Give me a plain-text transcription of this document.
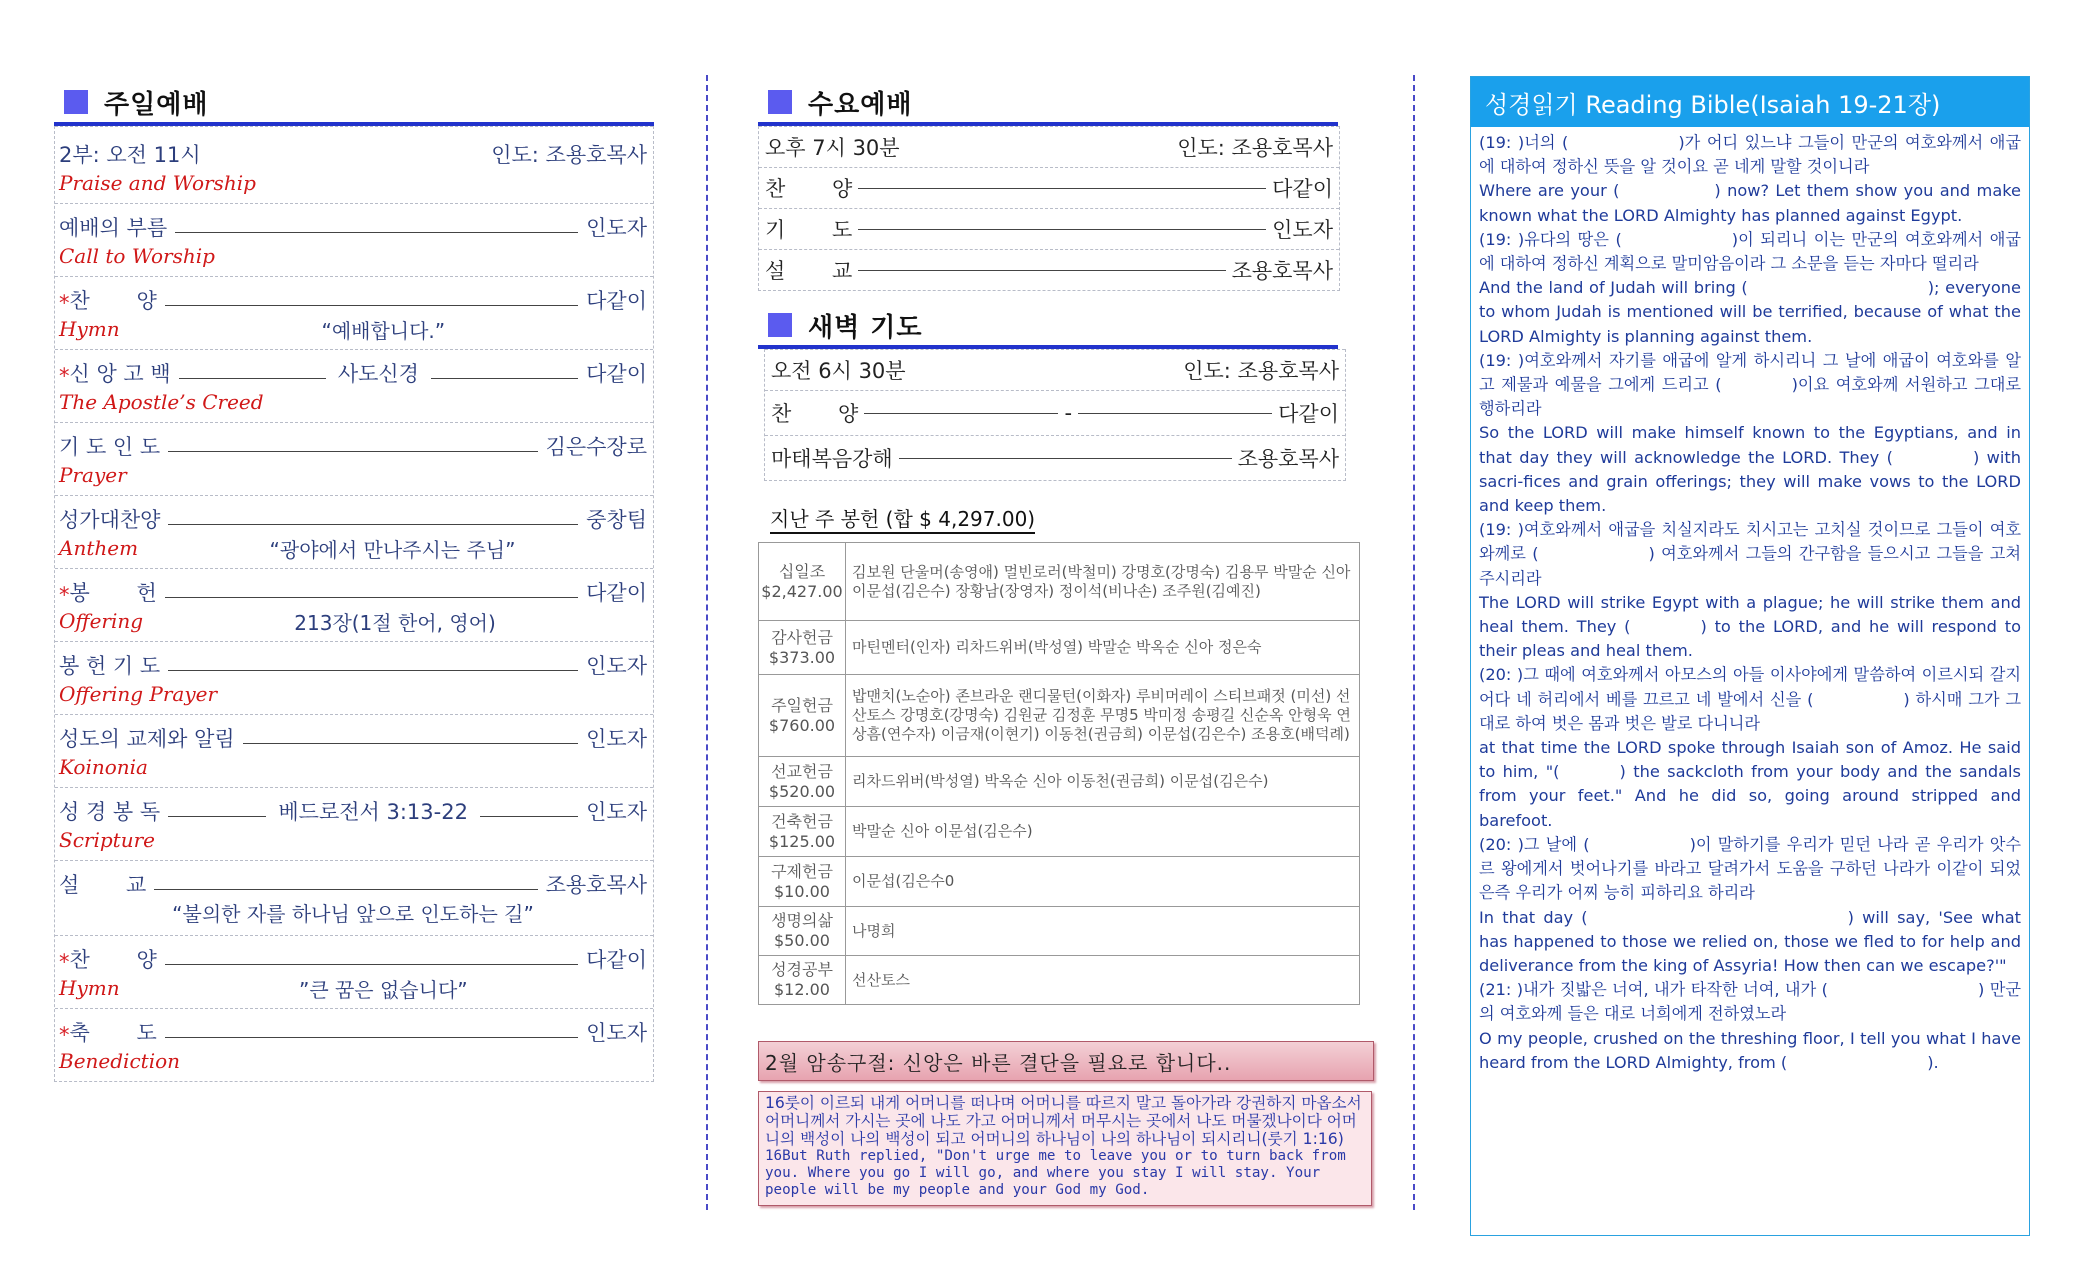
주일예배
2부: 오전 11시	인도: 조용호목사
Praise and Worship
예배의 부름	인도자
Call to Worship
* 찬       양	다같이
Hymn	“예배합니다.”
* 신 앙 고 백	사도신경	다같이
The Apostle’s Creed
기 도 인 도	김은수장로
Prayer
성가대찬양	중창팀
Anthem	“광야에서 만나주시는 주님”
* 봉       헌	다같이
Offering	213장(1절 한어, 영어)
봉 헌 기 도	인도자
Offering Prayer
성도의 교제와 알림	인도자
Koinonia
성 경 봉 독	베드로전서 3:13-22	인도자
Scripture
설       교	조용호목사
“불의한 자를 하나님 앞으로 인도하는 길”
* 찬       양	다같이
Hymn	”큰 꿈은 없습니다”
* 축       도	인도자
Benediction
수요예배
오후 7시 30분	인도: 조용호목사
찬       양	다같이
기       도	인도자
설       교	조용호목사
새벽 기도
오전 6시 30분	인도: 조용호목사
찬       양	-	다같이
마태복음강해	조용호목사
지난 주 봉헌 (합 $ 4,297.00)
십일조
$2,427.00	김보원 단울머(송영애) 멀빈로러(박철미) 강명호(강명숙) 김용무 박말순 신아 이문섭(김은수) 장황남(장영자) 정이석(비나손) 조주원(김예진)

감사헌금
$373.00	마틴멘터(인자) 리차드위버(박성열) 박말순 박옥순 신아 정은숙

주일헌금
$760.00	밥맨치(노순아) 존브라운 랜디물턴(이화자) 루비머레이 스티브패젓 (미선) 선산토스 강명호(강명숙) 김원균 김정훈 무명5 박미정 송평길 신순옥 안형욱 연상흠(연수자) 이금재(이현기) 이동천(권금희) 이문섭(김은수) 조용호(배덕례)

선교헌금
$520.00	리차드위버(박성열) 박옥순 신아 이동천(권금희) 이문섭(김은수)

건축헌금
$125.00	박말순 신아 이문섭(김은수)

구제헌금
$10.00	이문섭(김은수0

생명의삶
$50.00	나명희

성경공부
$12.00	선산토스
2월 암송구절: 신앙은 바른 결단을 필요로 합니다..
16룻이 이르되 내게 어머니를 떠나며 어머니를 따르지 말고 돌아가라 강권하지 마옵소서 어머니께서 가시는 곳에 나도 가고 어머니께서 머무시는 곳에서 나도 머물겠나이다 어머니의 백성이 나의 백성이 되고 어머니의 하나님이 나의 하나님이 되시리니(룻기 1:16)
16But Ruth replied, "Don't urge me to leave you or to turn back from you. Where you go I will go, and where you stay I will stay. Your people will be my people and your God my God.
성경읽기 Reading Bible(Isaiah 19-21장)

(19: )너의 (	)가 어디 있느냐 그들이 만군의 여호와께서 애굽에 대하여 정하신 뜻을 알 것이요 곧 네게 말할 것이니라

Where are your (	) now? Let them show you and make known what the LORD Almighty has planned against Egypt.

(19: )유다의 땅은 (	)이 되리니 이는 만군의 여호와께서 애굽에 대하여 정하신 계획으로 말미암음이라 그 소문을 듣는 자마다 떨리라

And the land of Judah will bring (	); everyone to whom Judah is mentioned will be terrified, because of what the LORD Almighty is planning against them.

(19: )여호와께서 자기를 애굽에 알게 하시리니 그 날에 애굽이 여호와를 알고 제물과 예물을 그에게 드리고 (	)이요 여호와께 서원하고 그대로 행하리라

So the LORD will make himself known to the Egyptians, and in that day they will acknowledge the LORD. They (	) with sacri-fices and grain offerings; they will make vows to the LORD and keep them.

(19: )여호와께서 애굽을 치실지라도 치시고는 고치실 것이므로 그들이 여호와께로 (	) 여호와께서 그들의 간구함을 들으시고 그들을 고쳐 주시리라

The LORD will strike Egypt with a plague; he will strike them and heal them. They (	) to the LORD, and he will respond to their pleas and heal them.

(20: )그 때에 여호와께서 아모스의 아들 이사야에게 말씀하여 이르시되 갈지어다 네 허리에서 베를 끄르고 네 발에서 신을 (	) 하시매 그가 그대로 하여 벗은 몸과 벗은 발로 다니니라

at that time the LORD spoke through Isaiah son of Amoz. He said to him, "(	) the sackcloth from your body and the sandals from your feet." And he did so, going around stripped and barefoot.

(20: )그 날에 (	)이 말하기를 우리가 믿던 나라 곧 우리가 앗수르 왕에게서 벗어나기를 바라고 달려가서 도움을 구하던 나라가 이같이 되었은즉 우리가 어찌 능히 피하리요 하리라

In that day (	) will say, 'See what has happened to those we relied on, those we fled to for help and deliverance from the king of Assyria! How then can we escape?'"

(21: )내가 짓밟은 너여, 내가 타작한 너여, 내가 (	) 만군의 여호와께 들은 대로 너희에게 전하였노라

O my people, crushed on the threshing floor, I tell you what I have heard from the LORD Almighty, from (	).
